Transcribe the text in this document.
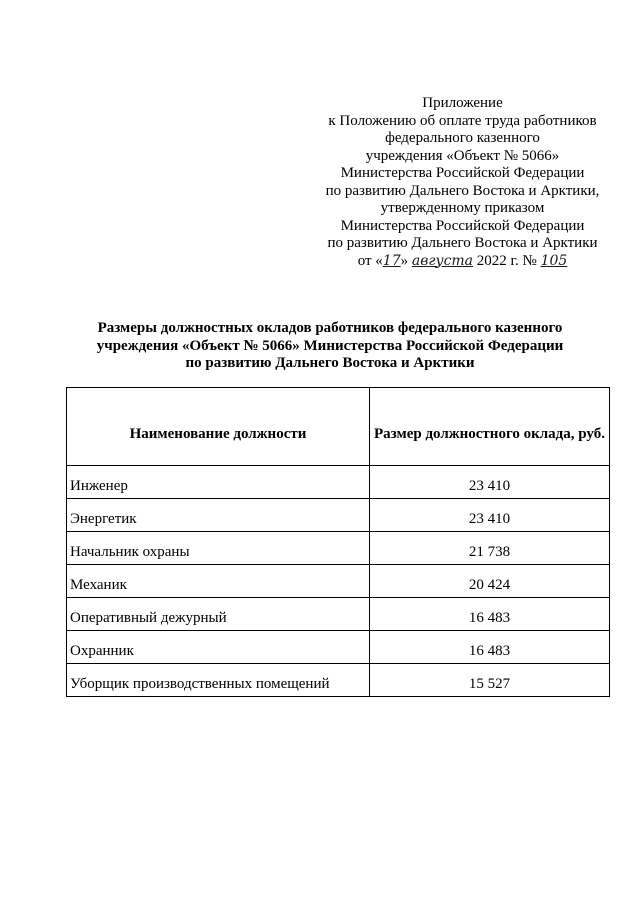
Приложение
к Положению об оплате труда работников
федерального казенного
учреждения «Объект № 5066»
Министерства Российской Федерации
по развитию Дальнего Востока и Арктики,
утвержденному приказом
Министерства Российской Федерации
по развитию Дальнего Востока и Арктики
от «17» августа 2022 г. № 105
Размеры должностных окладов работников федерального казенного
учреждения «Объект № 5066» Министерства Российской Федерации
по развитию Дальнего Востока и Арктики
Наименование должности	Размер должностного оклада, руб.
Инженер	23 410
Энергетик	23 410
Начальник охраны	21 738
Механик	20 424
Оперативный дежурный	16 483
Охранник	16 483
Уборщик производственных помещений	15 527
